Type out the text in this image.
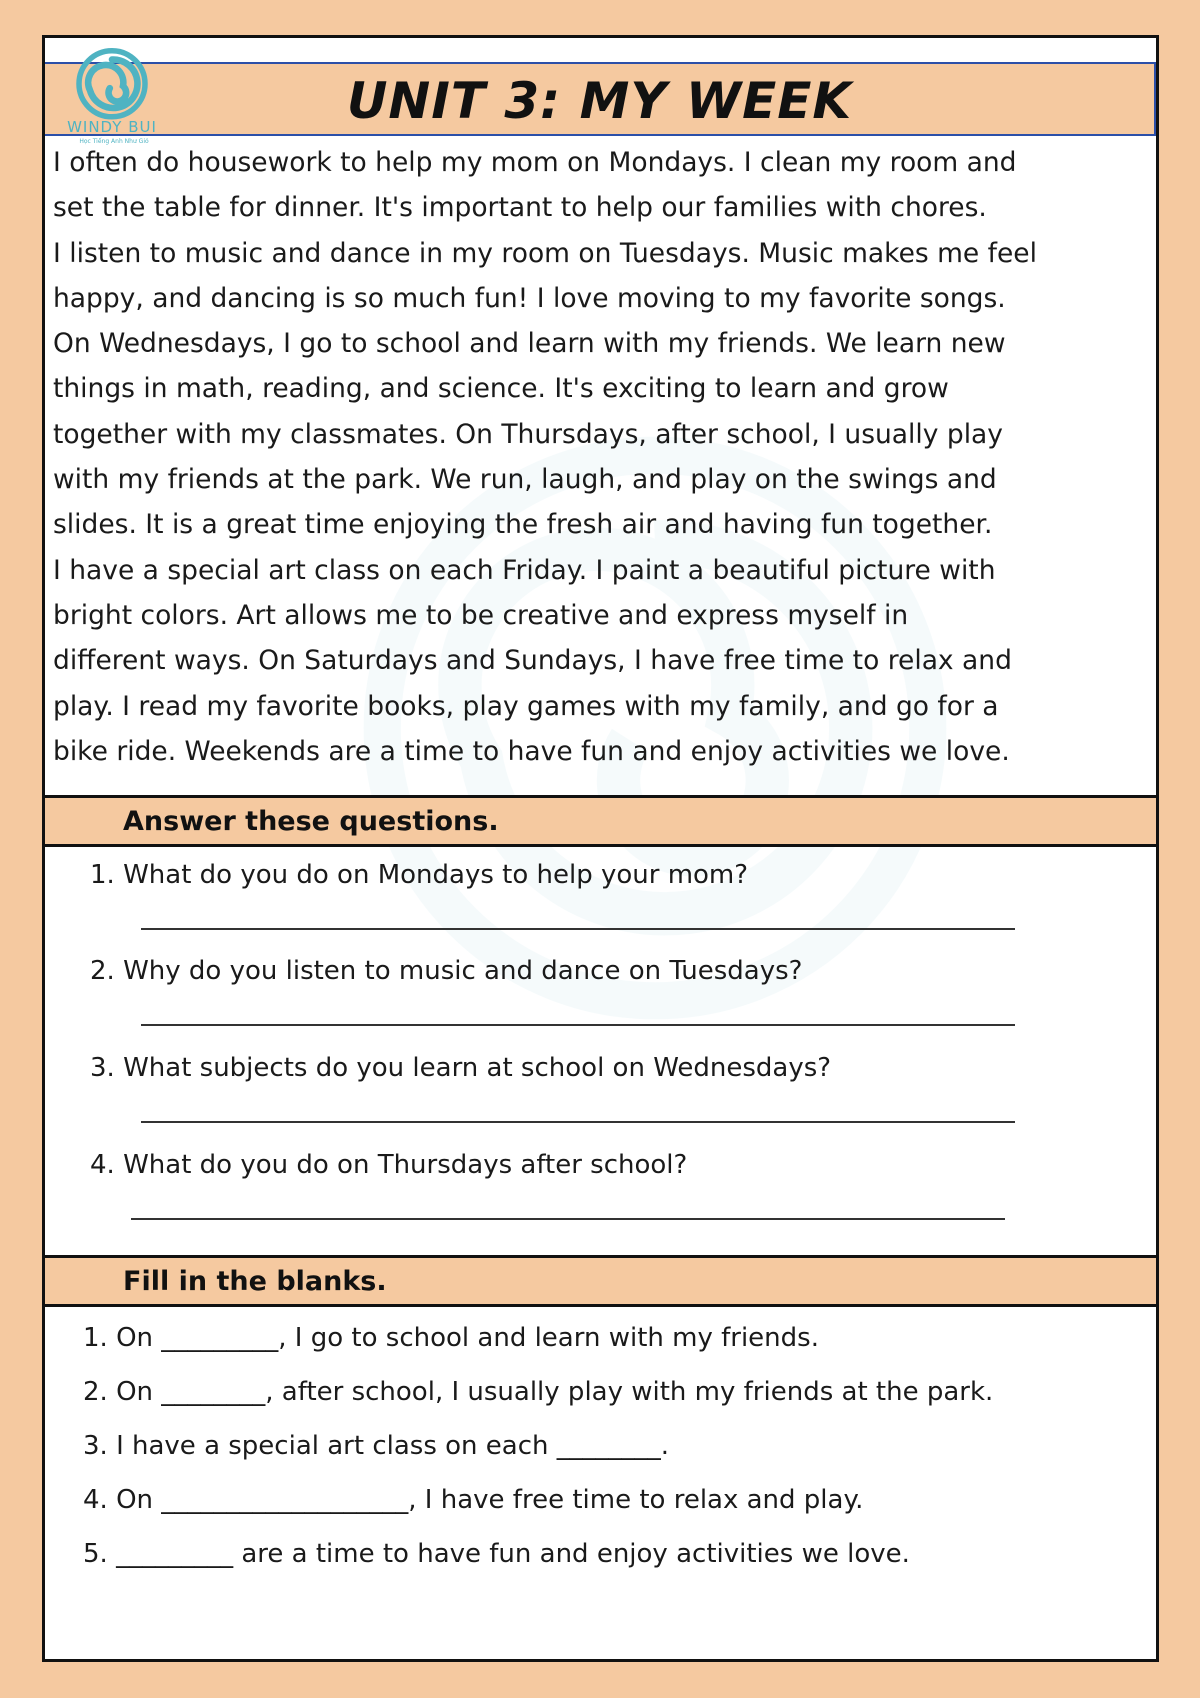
UNIT 3: MY WEEK
WINDY BUI
Học Tiếng Anh Như Gió
I often do housework to help my mom on Mondays. I clean my room and
set the table for dinner. It's important to help our families with chores.
I listen to music and dance in my room on Tuesdays. Music makes me feel
happy, and dancing is so much fun! I love moving to my favorite songs.
On Wednesdays, I go to school and learn with my friends. We learn new
things in math, reading, and science. It's exciting to learn and grow
together with my classmates. On Thursdays, after school, I usually play
with my friends at the park. We run, laugh, and play on the swings and
slides. It is a great time enjoying the fresh air and having fun together.
I have a special art class on each Friday. I paint a beautiful picture with
bright colors. Art allows me to be creative and express myself in
different ways. On Saturdays and Sundays, I have free time to relax and
play. I read my favorite books, play games with my family, and go for a
bike ride. Weekends are a time to have fun and enjoy activities we love.
Answer these questions.
1. What do you do on Mondays to help your mom?
2. Why do you listen to music and dance on Tuesdays?
3. What subjects do you learn at school on Wednesdays?
4. What do you do on Thursdays after school?
Fill in the blanks.
1. On _________, I go to school and learn with my friends.
2. On ________, after school, I usually play with my friends at the park.
3. I have a special art class on each ________.
4. On ___________________, I have free time to relax and play.
5. _________ are a time to have fun and enjoy activities we love.
